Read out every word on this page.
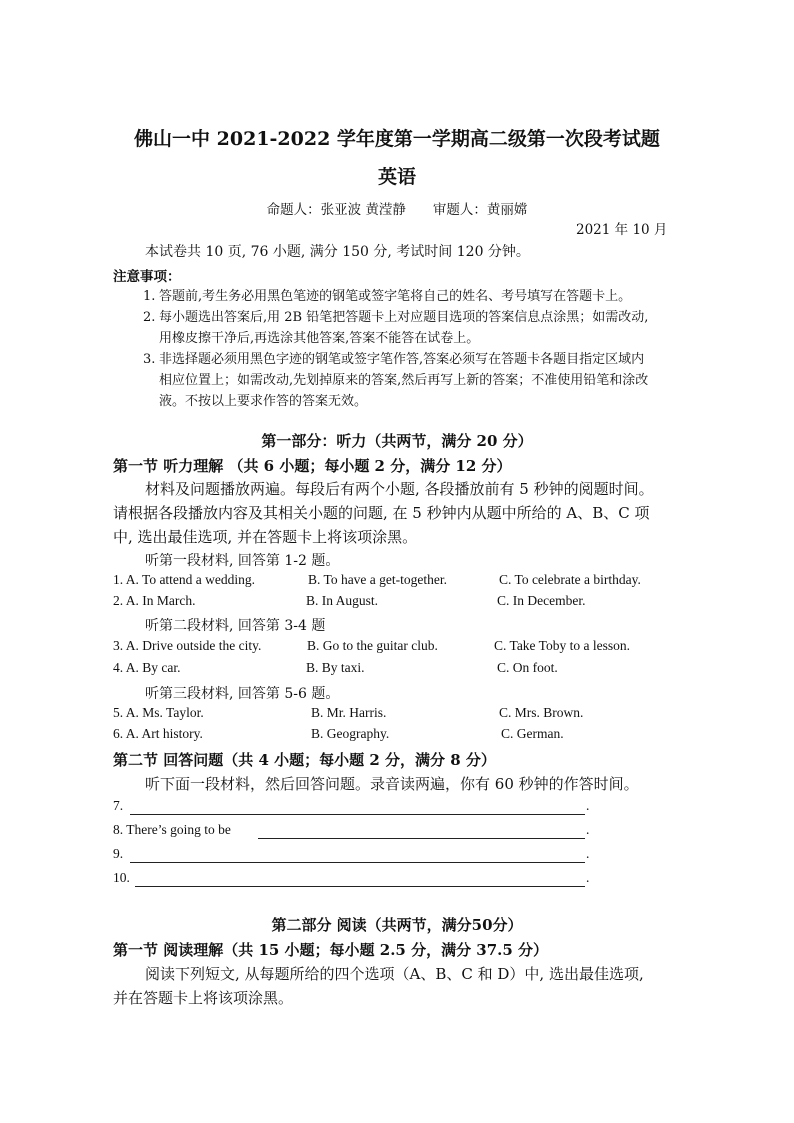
佛山一中 2021-2022 学年度第一学期高二级第一次段考试题
英语
命题人：张亚波 黄滢静　　审题人：黄丽嫦
2021 年 10 月
本试卷共 10 页, 76 小题, 满分 150 分, 考试时间 120 分钟。
注意事项：
1. 答题前,考生务必用黑色笔迹的钢笔或签字笔将自己的姓名、考号填写在答题卡上。
2. 每小题选出答案后,用 2B 铅笔把答题卡上对应题目选项的答案信息点涂黑；如需改动,
用橡皮擦干净后,再选涂其他答案,答案不能答在试卷上。
3. 非选择题必须用黑色字迹的钢笔或签字笔作答,答案必须写在答题卡各题目指定区域内
相应位置上；如需改动,先划掉原来的答案,然后再写上新的答案；不准使用铅笔和涂改
液。不按以上要求作答的答案无效。
第一部分：听力（共两节，满分 20 分）
第一节 听力理解 （共 6 小题；每小题 2 分，满分 12 分）
材料及问题播放两遍。每段后有两个小题, 各段播放前有 5 秒钟的阅题时间。
请根据各段播放内容及其相关小题的问题, 在 5 秒钟内从题中所给的 A、B、C 项
中, 选出最佳选项, 并在答题卡上将该项涂黑。
听第一段材料, 回答第 1-2 题。
1. A. To attend a wedding.	B. To have a get-together.	C. To celebrate a birthday.
2. A. In March.	B. In August.	C. In December.
听第二段材料, 回答第 3-4 题
3. A. Drive outside the city.	B. Go to the guitar club.	C. Take Toby to a lesson.
4. A. By car.	B. By taxi.	C. On foot.
听第三段材料, 回答第 5-6 题。
5. A. Ms. Taylor.	B. Mr. Harris.	C. Mrs. Brown.
6. A. Art history.	B. Geography.	C. German.
第二节 回答问题（共 4 小题；每小题 2 分，满分 8 分）
听下面一段材料，然后回答问题。录音读两遍，你有 60 秒钟的作答时间。
7.	.
8. There’s going to be	.
9.	.
10.	.
第二部分 阅读（共两节，满分50分）
第一节 阅读理解（共 15 小题；每小题 2.5 分，满分 37.5 分）
阅读下列短文, 从每题所给的四个选项（A、B、C 和 D）中, 选出最佳选项,
并在答题卡上将该项涂黑。
